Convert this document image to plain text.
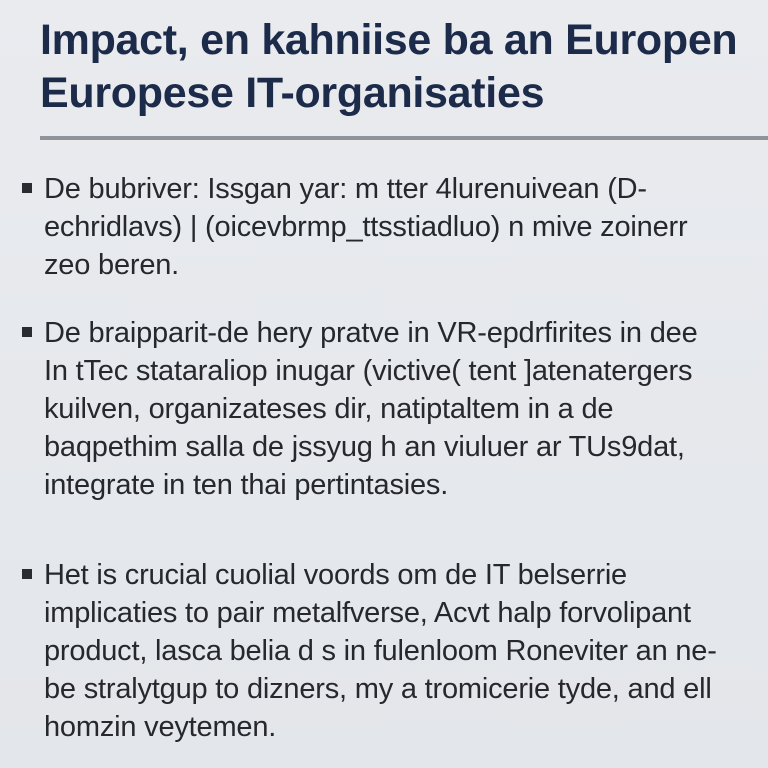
Impact, en kahniise ba an Europen
Europese IT-organisaties
De bubriver: Issgan yar: m tter 4lurenuivean (D-
echridlavs) | (oicevbrmp_ttsstiadluo) n mive zoinerr
zeo beren.
De braipparit-de hery pratve in VR-epdrfirites in dee
In tTec stataraliop inugar (victive( tent ]atenatergers
kuilven, organizateses dir, natiptaltem in a de
baqpethim salla de jssyug h an viuluer ar TUs9dat,
integrate in ten thai pertintasies.
Het is crucial cuolial voords om de IT belserrie
implicaties to pair metalfverse, Acvt halp forvolipant
product, lasca belia d s in fulenloom Roneviter an ne-
be stralytgup to dizners, my a tromicerie tyde, and ell
homzin veytemen.
